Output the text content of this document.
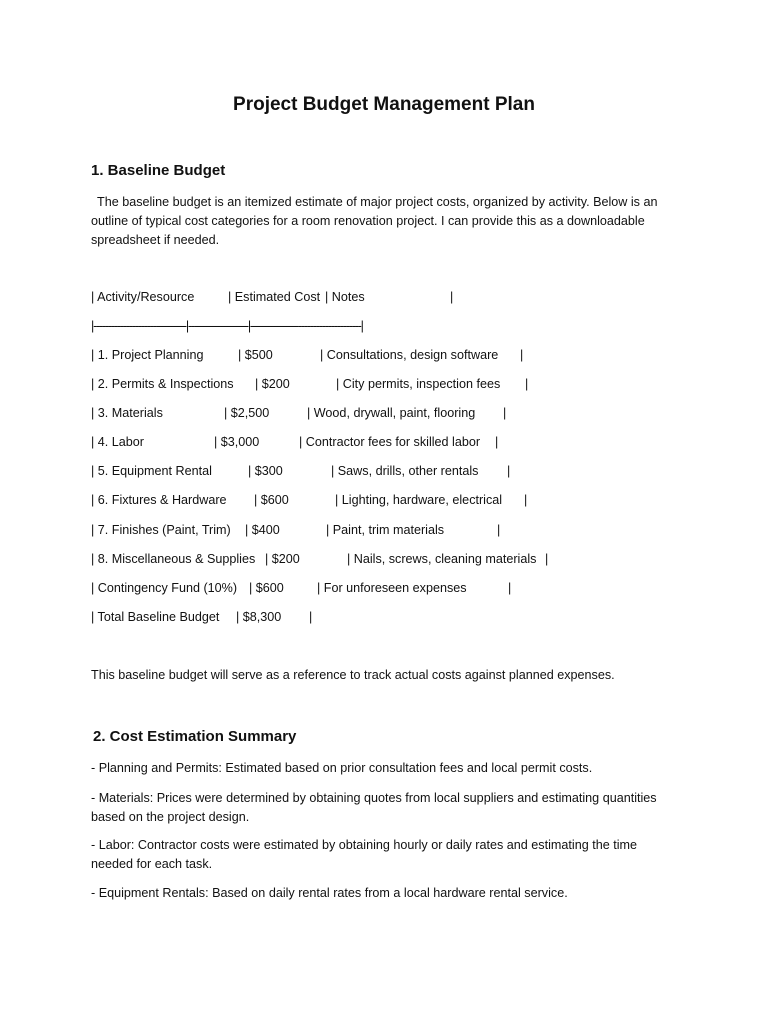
Project Budget Management Plan
1. Baseline Budget
The baseline budget is an itemized estimate of major project costs, organized by activity. Below is an outline of typical cost categories for a room renovation project. I can provide this as a downloadable spreadsheet if needed.
| Activity/Resource	| Estimated Cost | Notes	|
|-------------------------------|--------------------|-------------------------------------|
| 1. Project Planning	| $500	| Consultations, design software |
| 2. Permits & Inspections | $200	| City permits, inspection fees |
| 3. Materials	| $2,500	| Wood, drywall, paint, flooring |
| 4. Labor	| $3,000	| Contractor fees for skilled labor |
| 5. Equipment Rental	| $300	| Saws, drills, other rentals |
| 6. Fixtures & Hardware | $600	| Lighting, hardware, electrical |
| 7. Finishes (Paint, Trim) | $400	| Paint, trim materials	|
| 8. Miscellaneous & Supplies | $200	| Nails, screws, cleaning materials |
| Contingency Fund (10%) | $600	| For unforeseen expenses	|
| Total Baseline Budget | $8,300 |
This baseline budget will serve as a reference to track actual costs against planned expenses.
2. Cost Estimation Summary
- Planning and Permits: Estimated based on prior consultation fees and local permit costs.
- Materials: Prices were determined by obtaining quotes from local suppliers and estimating quantities based on the project design.
- Labor: Contractor costs were estimated by obtaining hourly or daily rates and estimating the time needed for each task.
- Equipment Rentals: Based on daily rental rates from a local hardware rental service.
